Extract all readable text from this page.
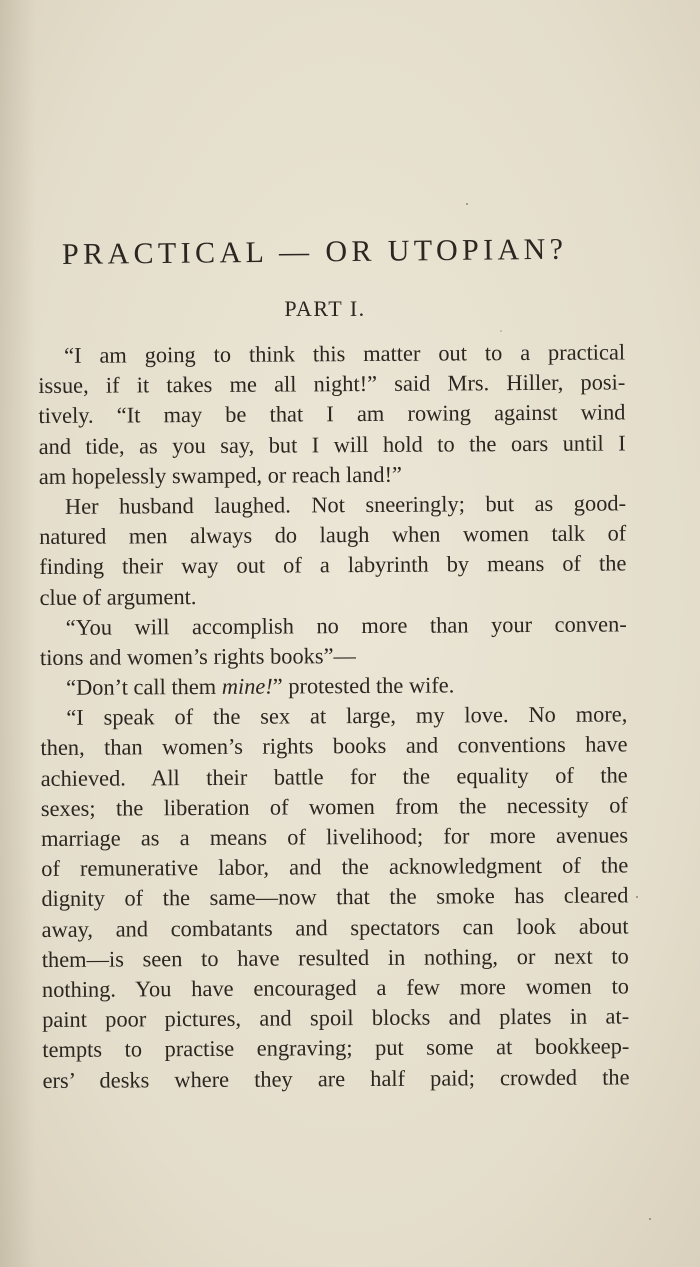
PRACTICAL — OR UTOPIAN?
PART I.
“I am going to think this matter out to a practical
issue, if it takes me all night!” said Mrs. Hiller, posi-
tively. “It may be that I am rowing against wind
and tide, as you say, but I will hold to the oars until I
am hopelessly swamped, or reach land!”
Her husband laughed. Not sneeringly; but as good-
natured men always do laugh when women talk of
finding their way out of a labyrinth by means of the
clue of argument.
“You will accomplish no more than your conven-
tions and women’s rights books”—
“Don’t call them mine!” protested the wife.
“I speak of the sex at large, my love. No more,
then, than women’s rights books and conventions have
achieved. All their battle for the equality of the
sexes; the liberation of women from the necessity of
marriage as a means of livelihood; for more avenues
of remunerative labor, and the acknowledgment of the
dignity of the same—now that the smoke has cleared
away, and combatants and spectators can look about
them—is seen to have resulted in nothing, or next to
nothing. You have encouraged a few more women to
paint poor pictures, and spoil blocks and plates in at-
tempts to practise engraving; put some at bookkeep-
ers’ desks where they are half paid; crowded the
